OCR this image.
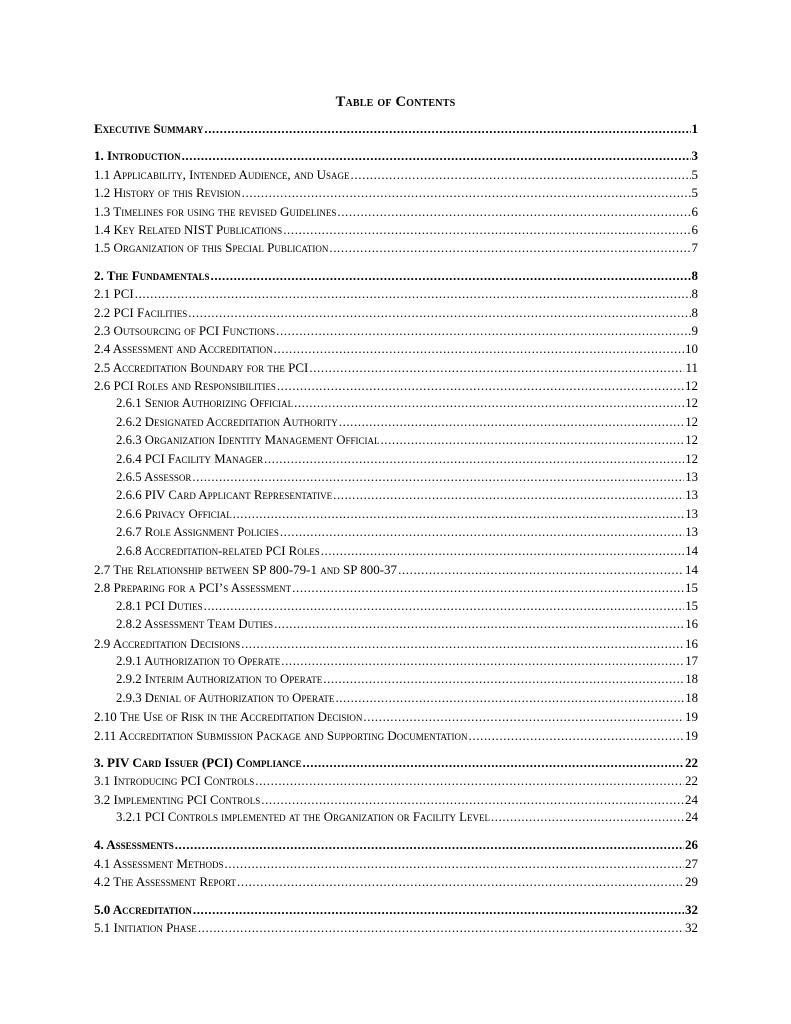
Table of Contents
Executive Summary .....	1
1. Introduction .....	3
1.1 Applicability, Intended Audience, and Usage .....	5
1.2 History of this Revision .....	5
1.3 Timelines for using the revised Guidelines .....	6
1.4 Key Related NIST Publications .....	6
1.5 Organization of this Special Publication .....	7
2. The Fundamentals .....	8
2.1 PCI .....	8
2.2 PCI Facilities .....	8
2.3 Outsourcing of PCI Functions .....	9
2.4 Assessment and Accreditation .....	10
2.5 Accreditation Boundary for the PCI .....	11
2.6 PCI Roles and Responsibilities .....	12
2.6.1 Senior Authorizing Official .....	12
2.6.2 Designated Accreditation Authority .....	12
2.6.3 Organization Identity Management Official .....	12
2.6.4 PCI Facility Manager .....	12
2.6.5 Assessor .....	13
2.6.6 PIV Card Applicant Representative .....	13
2.6.6 Privacy Official .....	13
2.6.7 Role Assignment Policies .....	13
2.6.8 Accreditation-related PCI Roles .....	14
2.7 The Relationship between SP 800-79-1 and SP 800-37 .....	14
2.8 Preparing for a PCI’s Assessment .....	15
2.8.1 PCI Duties .....	15
2.8.2 Assessment Team Duties .....	16
2.9 Accreditation Decisions .....	16
2.9.1 Authorization to Operate .....	17
2.9.2 Interim Authorization to Operate .....	18
2.9.3 Denial of Authorization to Operate .....	18
2.10 The Use of Risk in the Accreditation Decision .....	19
2.11 Accreditation Submission Package and Supporting Documentation .....	19
3. PIV Card Issuer (PCI) Compliance .....	22
3.1 Introducing PCI Controls .....	22
3.2 Implementing PCI Controls .....	24
3.2.1 PCI Controls implemented at the Organization or Facility Level .....	24
4. Assessments .....	26
4.1 Assessment Methods .....	27
4.2 The Assessment Report .....	29
5.0 Accreditation .....	32
5.1 Initiation Phase .....	32
